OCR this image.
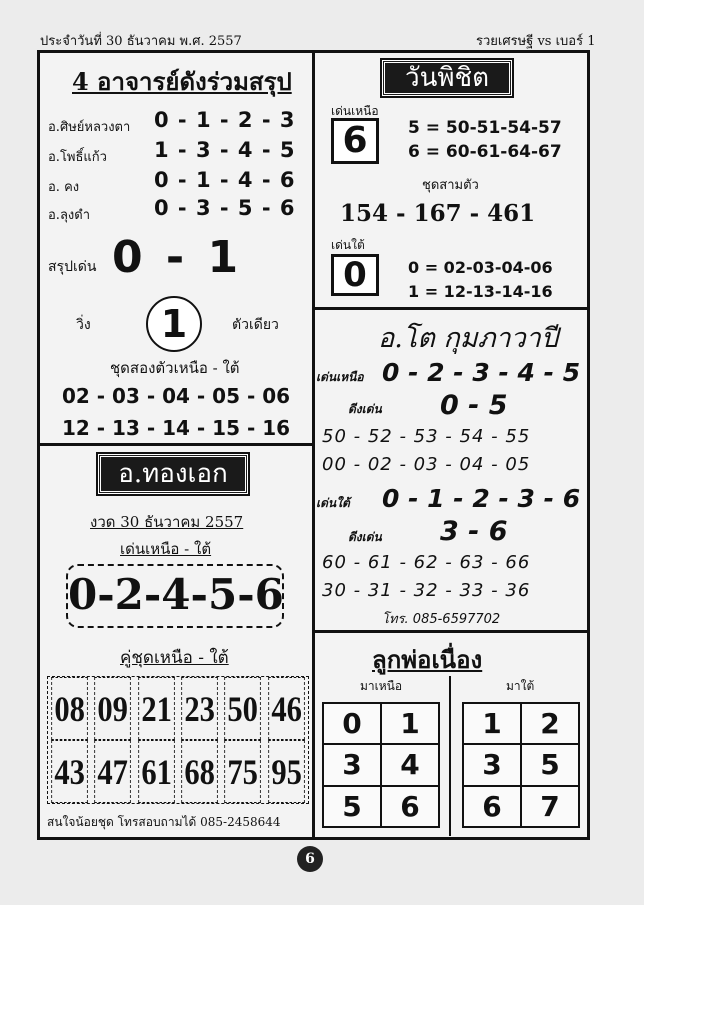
ประจำวันที่ 30 ธันวาคม พ.ศ. 2557	รวยเศรษฐี vs เบอร์ 1
4 อาจารย์ดังร่วมสรุป
อ.ศิษย์หลวงตา 0 - 1 - 2 - 3
อ.โพธิ์แก้ว 1 - 3 - 4 - 5
อ. คง	0 - 1 - 4 - 6
อ.ลุงดำ	0 - 3 - 5 - 6
สรุปเด่น 0 - 1
วิ่ง	1	ตัวเดียว
ชุดสองตัวเหนือ - ใต้
02 - 03 - 04 - 05 - 06
12 - 13 - 14 - 15 - 16
วันพิชิต
เด่นเหนือ
6	5 = 50-51-54-57
6 = 60-61-64-67
ชุดสามตัว
154 - 167 - 461
เด่นใต้
0	0 = 02-03-04-06
1 = 12-13-14-16
อ.โต กุมภาวาปี
เด่นเหนือ 0 - 2 - 3 - 4 - 5
ดีงเด่น 0 - 5
50 - 52 - 53 - 54 - 55
00 - 02 - 03 - 04 - 05
เด่นใต้ 0 - 1 - 2 - 3 - 6
ดีงเด่น 3 - 6
60 - 61 - 62 - 63 - 66
30 - 31 - 32 - 33 - 36
โทร. 085-6597702
อ.ทองเอก
งวด 30 ธันวาคม 2557
เด่นเหนือ - ใต้
0-2-4-5-6
คู่ชุดเหนือ - ใต้
08 09 21 23 50 46
43 47 61 68 75 95
สนใจน้อยชุด โทรสอบถามได้ 085-2458644
ลูกพ่อเนื่อง
มาเหนือ	มาใต้
0	1
3	4
5	6
1	2
3	5
6	7
6
